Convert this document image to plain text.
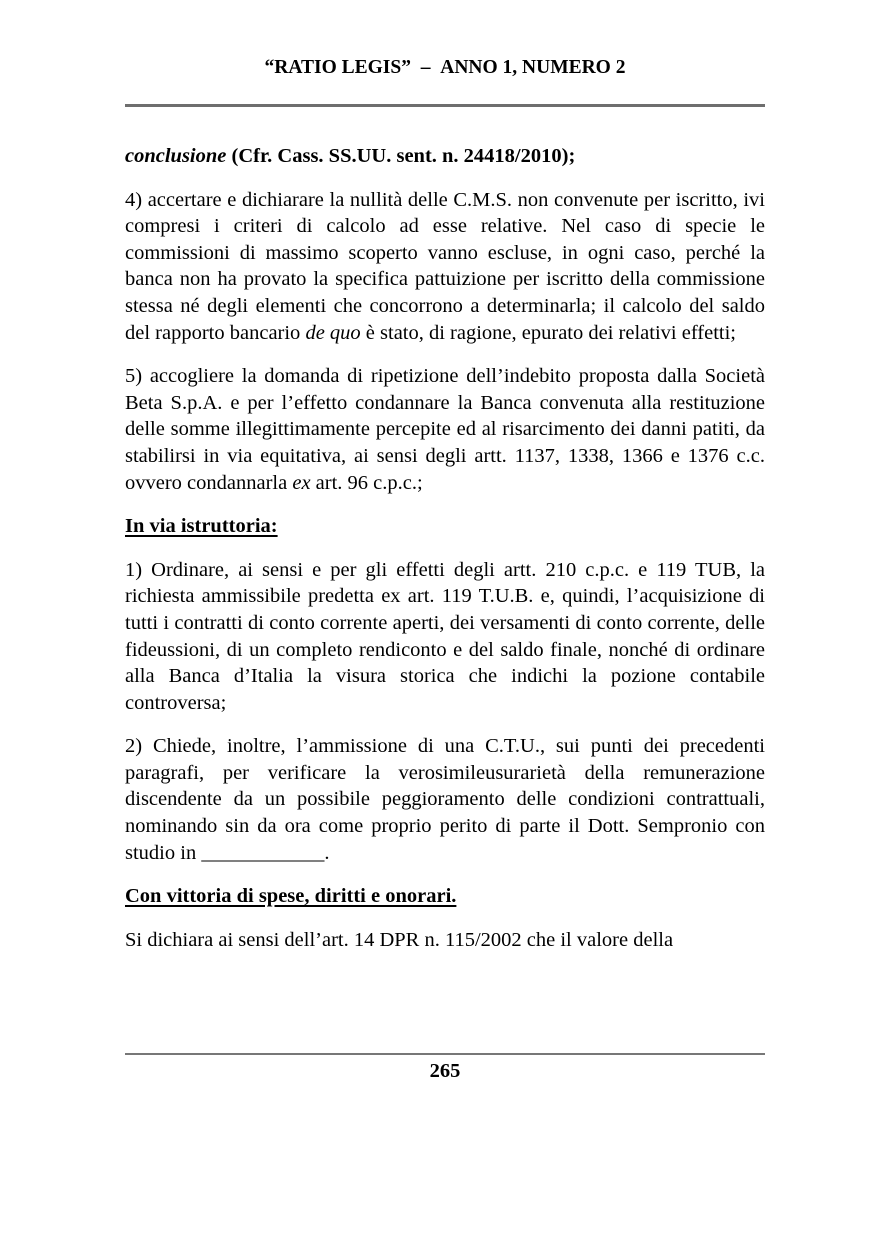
“RATIO LEGIS” – ANNO 1, NUMERO 2

conclusione (Cfr. Cass. SS.UU. sent. n. 24418/2010);

4) accertare e dichiarare la nullità delle C.M.S. non convenute per iscritto, ivi compresi i criteri di calcolo ad esse relative. Nel caso di specie le commissioni di massimo scoperto vanno escluse, in ogni caso, perché la banca non ha provato la specifica pattuizione per iscritto della commissione stessa né degli elementi che concorrono a determinarla; il calcolo del saldo del rapporto bancario de quo è stato, di ragione, epurato dei relativi effetti;

5) accogliere la domanda di ripetizione dell’indebito proposta dalla Società Beta S.p.A. e per l’effetto condannare la Banca convenuta alla restituzione delle somme illegittimamente percepite ed al risarcimento dei danni patiti, da stabilirsi in via equitativa, ai sensi degli artt. 1137, 1338, 1366 e 1376 c.c. ovvero condannarla ex art. 96 c.p.c.;

In via istruttoria:

1) Ordinare, ai sensi e per gli effetti degli artt. 210 c.p.c. e 119 TUB, la richiesta ammissibile predetta ex art. 119 T.U.B. e, quindi, l’acquisizione di tutti i contratti di conto corrente aperti, dei versamenti di conto corrente, delle fideussioni, di un completo rendiconto e del saldo finale, nonché di ordinare alla Banca d’Italia la visura storica che indichi la pozione contabile controversa;

2) Chiede, inoltre, l’ammissione di una C.T.U., sui punti dei precedenti paragrafi, per verificare la verosimileusurarietà della remunerazione discendente da un possibile peggioramento delle condizioni contrattuali, nominando sin da ora come proprio perito di parte il Dott. Sempronio con studio in ____________.

Con vittoria di spese, diritti e onorari.

Si dichiara ai sensi dell’art. 14 DPR n. 115/2002 che il valore della

265
